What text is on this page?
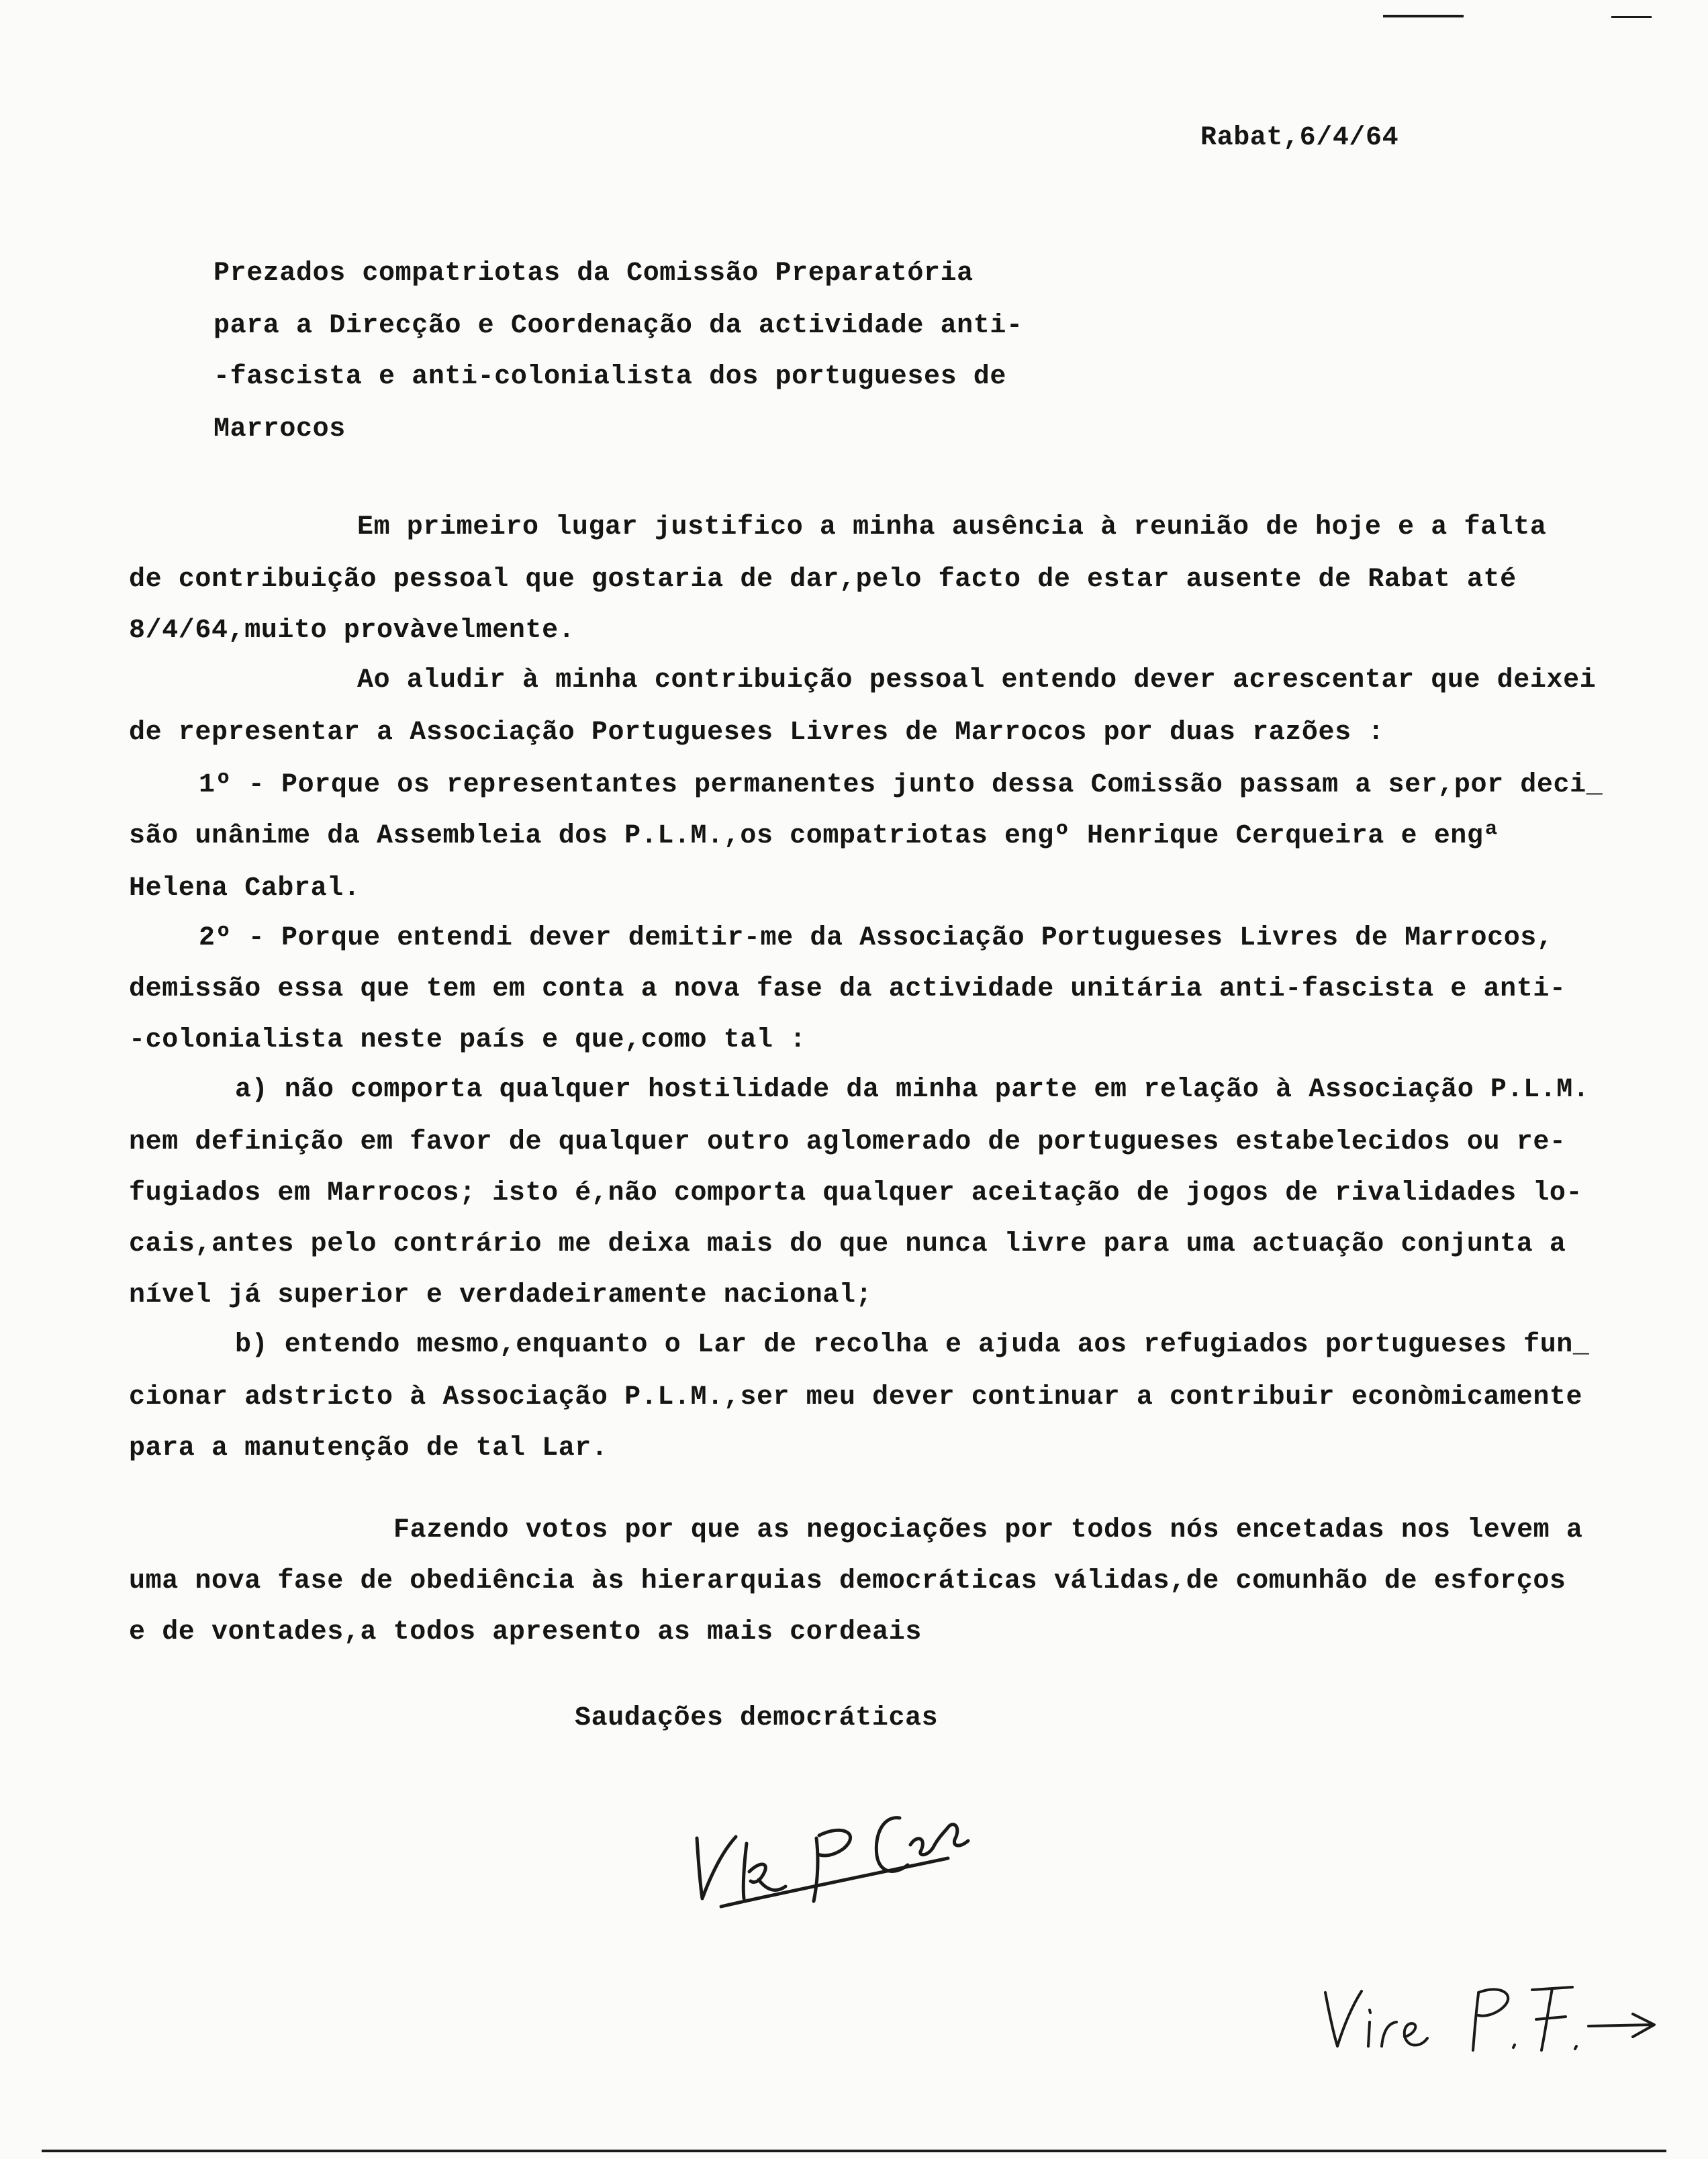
Rabat,6/4/64
Prezados compatriotas da Comissão Preparatória
para a Direcção e Coordenação da actividade anti-
-fascista e anti-colonialista dos portugueses de
Marrocos
Em primeiro lugar justifico a minha ausência à reunião de hoje e a falta
de contribuição pessoal que gostaria de dar,pelo facto de estar ausente de Rabat até
8/4/64,muito provàvelmente.
Ao aludir à minha contribuição pessoal entendo dever acrescentar que deixei
de representar a Associação Portugueses Livres de Marrocos por duas razões :
1º - Porque os representantes permanentes junto dessa Comissão passam a ser,por deci_
são unânime da Assembleia dos P.L.M.,os compatriotas engº Henrique Cerqueira e engª
Helena Cabral.
2º - Porque entendi dever demitir-me da Associação Portugueses Livres de Marrocos,
demissão essa que tem em conta a nova fase da actividade unitária anti-fascista e anti-
-colonialista neste país e que,como tal :
a) não comporta qualquer hostilidade da minha parte em relação à Associação P.L.M.
nem definição em favor de qualquer outro aglomerado de portugueses estabelecidos ou re-
fugiados em Marrocos; isto é,não comporta qualquer aceitação de jogos de rivalidades lo-
cais,antes pelo contrário me deixa mais do que nunca livre para uma actuação conjunta a
nível já superior e verdadeiramente nacional;
b) entendo mesmo,enquanto o Lar de recolha e ajuda aos refugiados portugueses fun_
cionar adstricto à Associação P.L.M.,ser meu dever continuar a contribuir econòmicamente
para a manutenção de tal Lar.
Fazendo votos por que as negociações por todos nós encetadas nos levem a
uma nova fase de obediência às hierarquias democráticas válidas,de comunhão de esforços
e de vontades,a todos apresento as mais cordeais
Saudações democráticas
